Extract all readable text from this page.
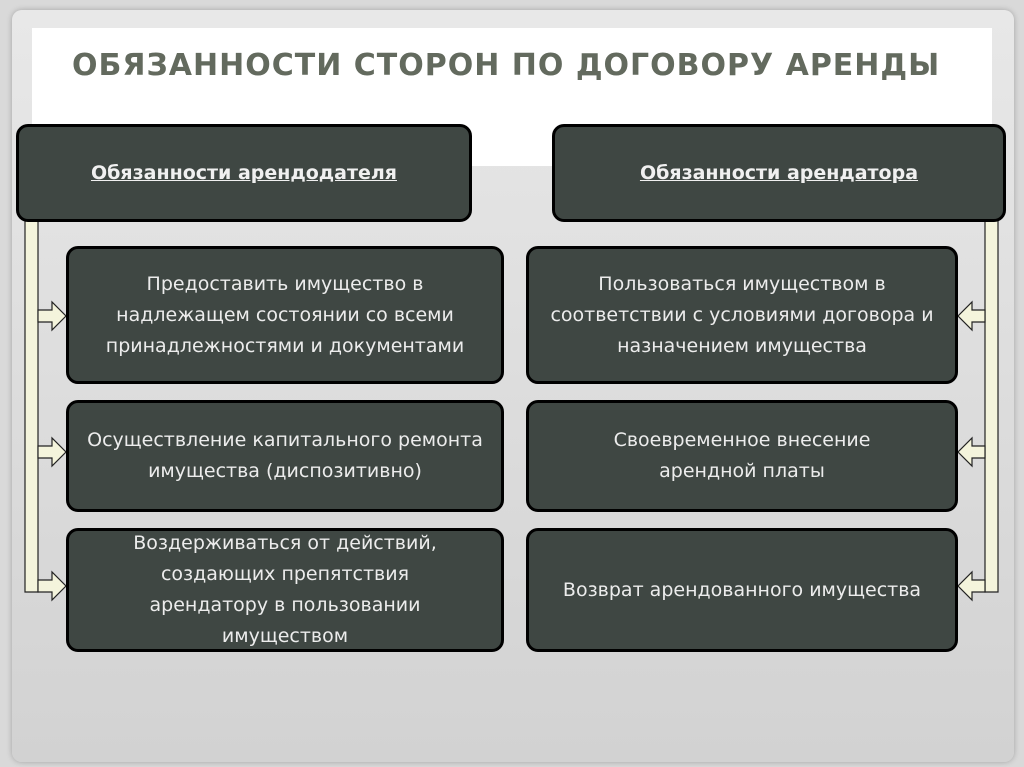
ОБЯЗАННОСТИ СТОРОН ПО ДОГОВОРУ АРЕНДЫ
Обязанности арендодателя	Обязанности арендатора
Предоставить имущество в надлежащем состоянии со всеми принадлежностями и документами
Осуществление капитального ремонта имущества (диспозитивно)
Воздерживаться от действий, создающих препятствия арендатору в пользовании имуществом
Пользоваться имуществом в соответствии с условиями договора и назначением имущества
Своевременное внесение арендной платы
Возврат арендованного имущества
